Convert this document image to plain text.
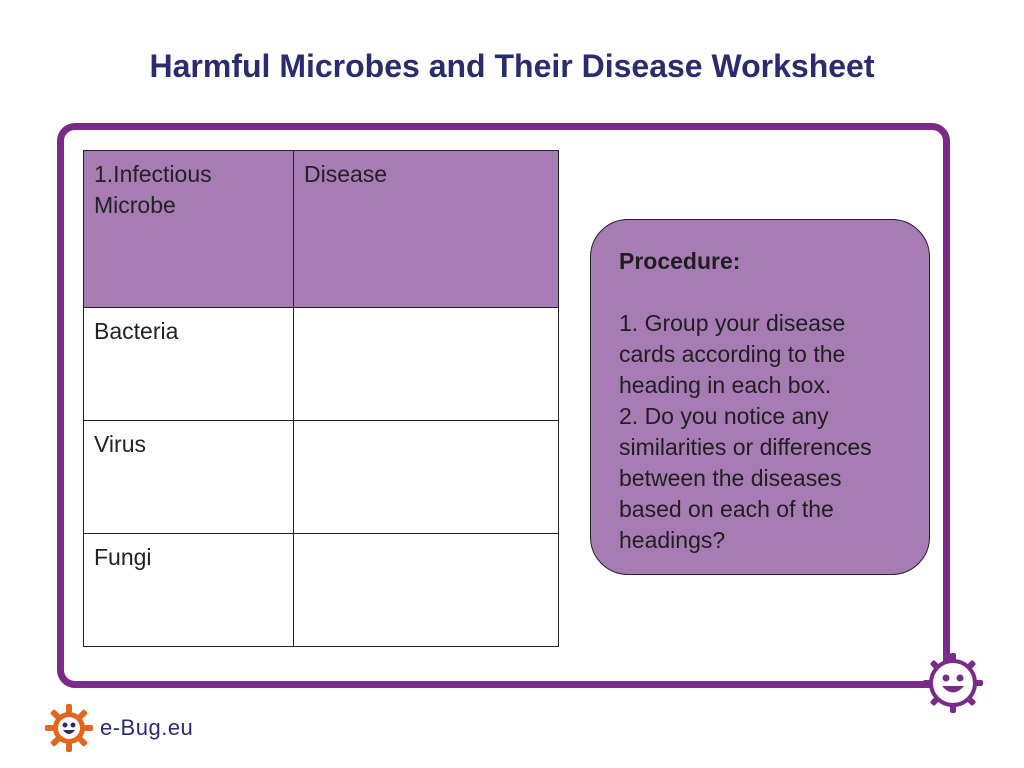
Harmful Microbes and Their Disease Worksheet
1.Infectious
Microbe	Disease
Bacteria	
Virus	
Fungi	
Procedure:
1. Group your disease
cards according to the
heading in each box.
2. Do you notice any
similarities or differences
between the diseases
based on each of the
headings?
e-Bug.eu
